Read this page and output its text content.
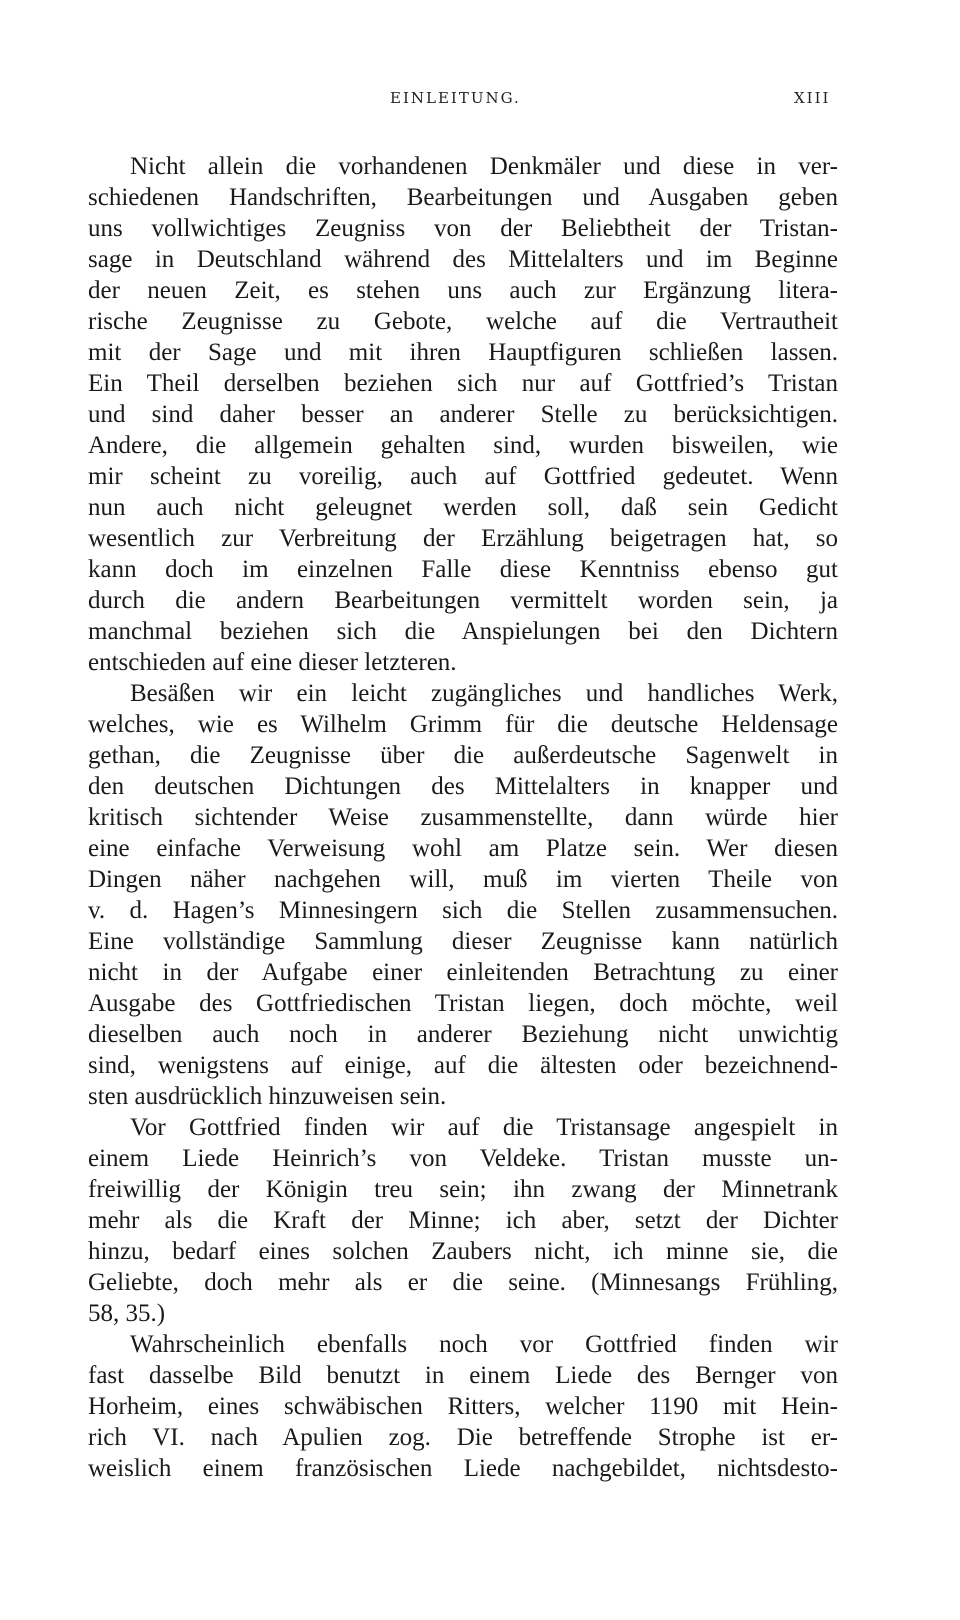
EINLEITUNG.	XIII
Nicht allein die vorhandenen Denkmäler und diese in ver-
schiedenen Handschriften, Bearbeitungen und Ausgaben geben
uns vollwichtiges Zeugniss von der Beliebtheit der Tristan-
sage in Deutschland während des Mittelalters und im Beginne
der neuen Zeit, es stehen uns auch zur Ergänzung litera-
rische Zeugnisse zu Gebote, welche auf die Vertrautheit
mit der Sage und mit ihren Hauptfiguren schließen lassen.
Ein Theil derselben beziehen sich nur auf Gottfried’s Tristan
und sind daher besser an anderer Stelle zu berücksichtigen.
Andere, die allgemein gehalten sind, wurden bisweilen, wie
mir scheint zu voreilig, auch auf Gottfried gedeutet. Wenn
nun auch nicht geleugnet werden soll, daß sein Gedicht
wesentlich zur Verbreitung der Erzählung beigetragen hat, so
kann doch im einzelnen Falle diese Kenntniss ebenso gut
durch die andern Bearbeitungen vermittelt worden sein, ja
manchmal beziehen sich die Anspielungen bei den Dichtern
entschieden auf eine dieser letzteren.
Besäßen wir ein leicht zugängliches und handliches Werk,
welches, wie es Wilhelm Grimm für die deutsche Heldensage
gethan, die Zeugnisse über die außerdeutsche Sagenwelt in
den deutschen Dichtungen des Mittelalters in knapper und
kritisch sichtender Weise zusammenstellte, dann würde hier
eine einfache Verweisung wohl am Platze sein. Wer diesen
Dingen näher nachgehen will, muß im vierten Theile von
v. d. Hagen’s Minnesingern sich die Stellen zusammensuchen.
Eine vollständige Sammlung dieser Zeugnisse kann natürlich
nicht in der Aufgabe einer einleitenden Betrachtung zu einer
Ausgabe des Gottfriedischen Tristan liegen, doch möchte, weil
dieselben auch noch in anderer Beziehung nicht unwichtig
sind, wenigstens auf einige, auf die ältesten oder bezeichnend-
sten ausdrücklich hinzuweisen sein.
Vor Gottfried finden wir auf die Tristansage angespielt in
einem Liede Heinrich’s von Veldeke. Tristan musste un-
freiwillig der Königin treu sein; ihn zwang der Minnetrank
mehr als die Kraft der Minne; ich aber, setzt der Dichter
hinzu, bedarf eines solchen Zaubers nicht, ich minne sie, die
Geliebte, doch mehr als er die seine. (Minnesangs Frühling,
58, 35.)
Wahrscheinlich ebenfalls noch vor Gottfried finden wir
fast dasselbe Bild benutzt in einem Liede des Bernger von
Horheim, eines schwäbischen Ritters, welcher 1190 mit Hein-
rich VI. nach Apulien zog. Die betreffende Strophe ist er-
weislich einem französischen Liede nachgebildet, nichtsdesto-
